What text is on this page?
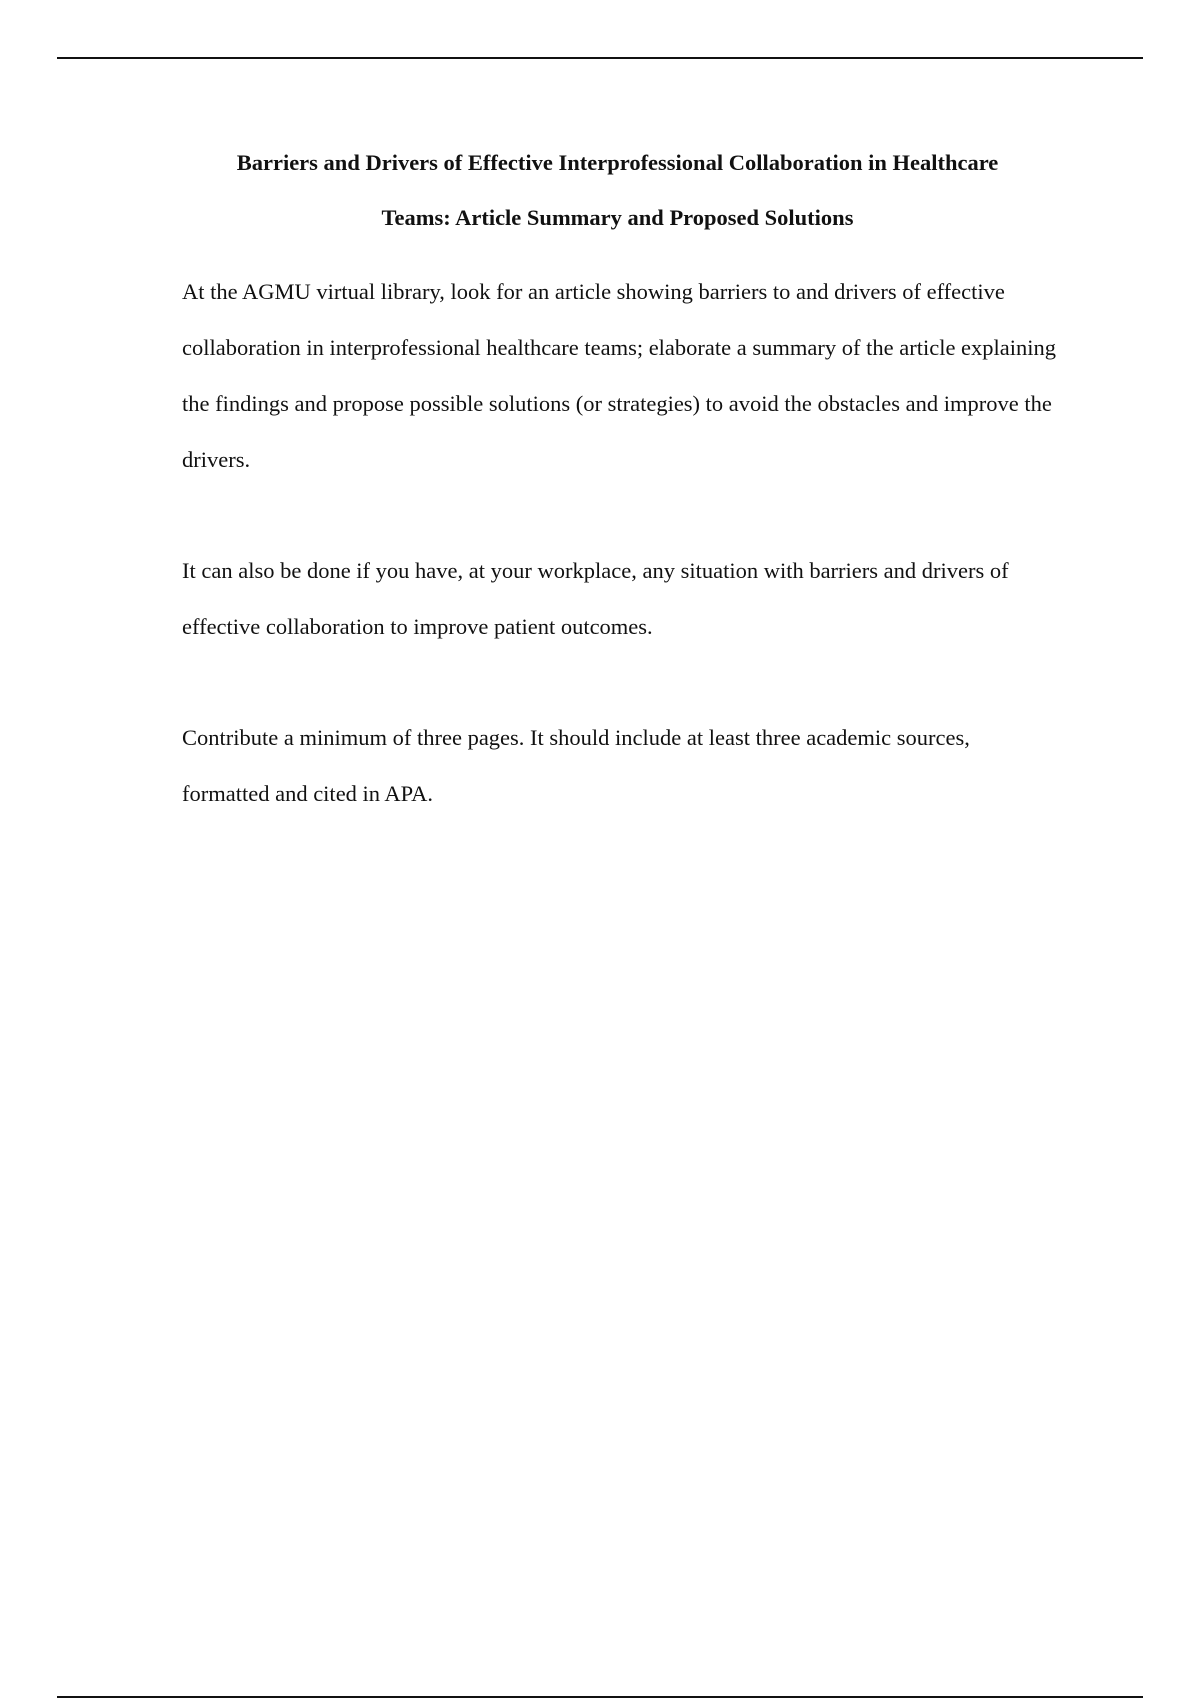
Barriers and Drivers of Effective Interprofessional Collaboration in Healthcare
Teams: Article Summary and Proposed Solutions

At the AGMU virtual library, look for an article showing barriers to and drivers of effective collaboration in interprofessional healthcare teams; elaborate a summary of the article explaining the findings and propose possible solutions (or strategies) to avoid the obstacles and improve the drivers.

It can also be done if you have, at your workplace, any situation with barriers and drivers of effective collaboration to improve patient outcomes.

Contribute a minimum of three pages. It should include at least three academic sources, formatted and cited in APA.
